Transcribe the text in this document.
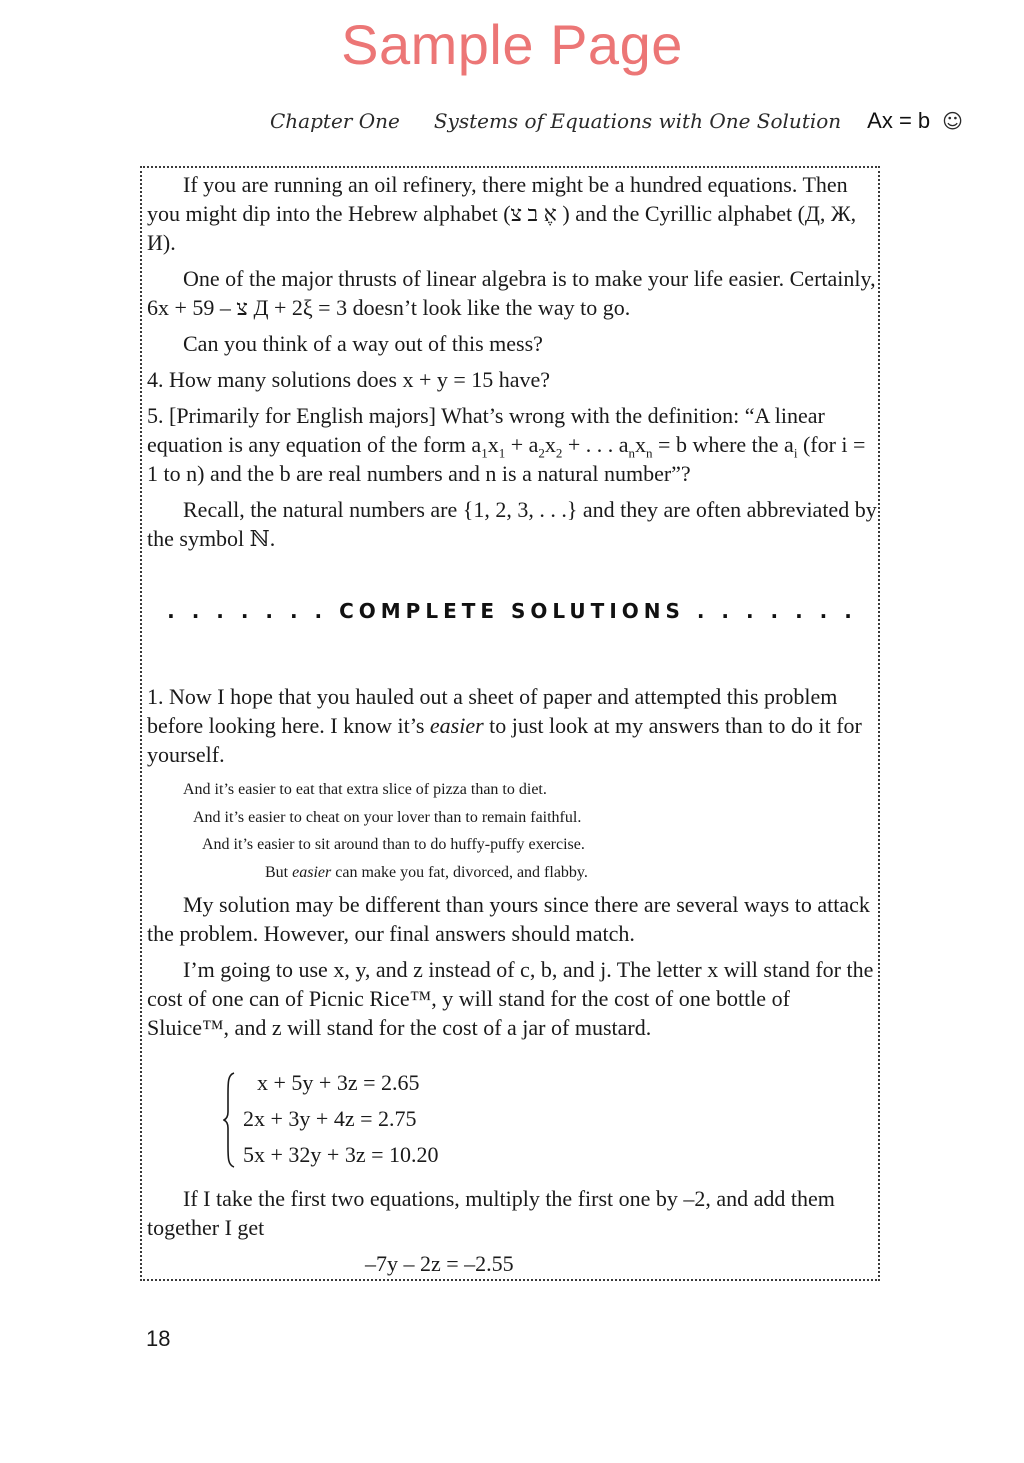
Sample Page
Chapter One Systems of Equations with One Solution Ax = b ☺

If you are running an oil refinery, there might be a hundred equations. Then you might dip into the Hebrew alphabet (אֶ ב צ ) and the Cyrillic alphabet (Д, Ж, И).

One of the major thrusts of linear algebra is to make your life easier. Certainly, 6x + 5צ – 9 Д + 2ξ = 3 doesn’t look like the way to go.

Can you think of a way out of this mess?

4. How many solutions does x + y = 15 have?

5. [Primarily for English majors] What’s wrong with the definition: “A linear equation is any equation of the form $a_1x_1 + a_2x_2$ + . . . $a_nx_n = b$ where the $a_i$ (for i = 1 to n) and the b are real numbers and n is a natural number”?

Recall, the natural numbers are {1, 2, 3, . . .} and they are often abbreviated by the symbol ℕ.

. . . . . . . COMPLETE SOLUTIONS . . . . . . .

1. Now I hope that you hauled out a sheet of paper and attempted this problem before looking here. I know it’s easier to just look at my answers than to do it for yourself.

And it’s easier to eat that extra slice of pizza than to diet.
And it’s easier to cheat on your lover than to remain faithful.
And it’s easier to sit around than to do huffy-puffy exercise.
But easier can make you fat, divorced, and flabby.

My solution may be different than yours since there are several ways to attack the problem. However, our final answers should match.

I’m going to use x, y, and z instead of c, b, and j. The letter x will stand for the cost of one can of Picnic Rice™, y will stand for the cost of one bottle of Sluice™, and z will stand for the cost of a jar of mustard.

x + 5y + 3z = 2.65
2x + 3y + 4z = 2.75
5x + 32y + 3z = 10.20

If I take the first two equations, multiply the first one by –2, and add them together I get

–7y – 2z = –2.55

18
